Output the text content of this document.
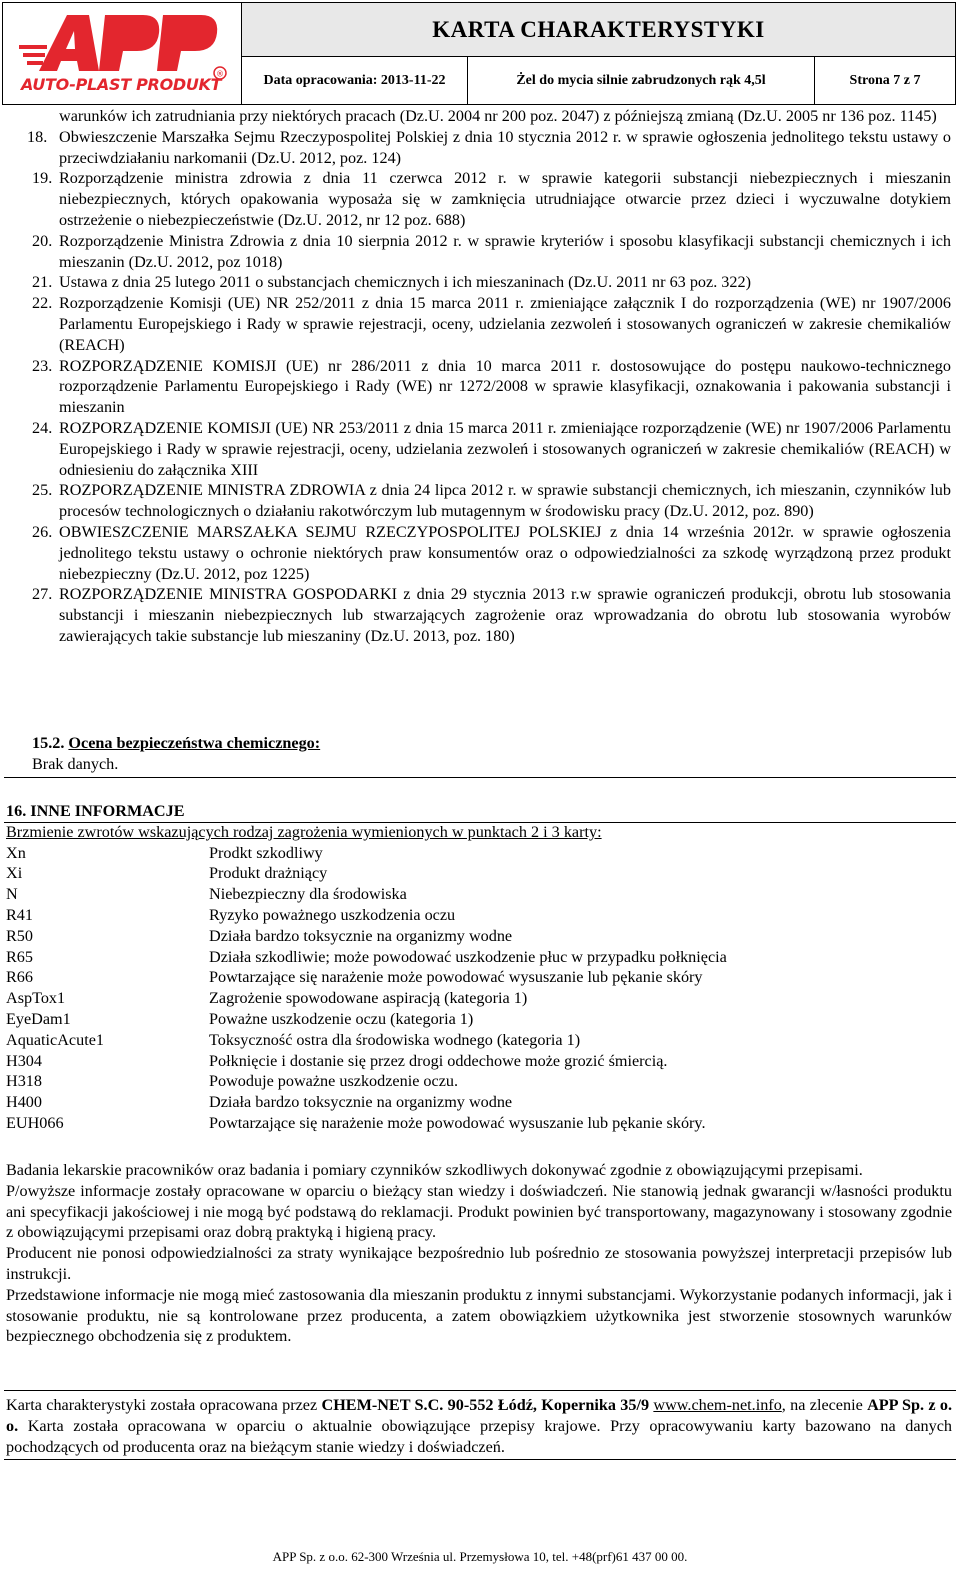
®
AUTO-PLAST PRODUKT
KARTA CHARAKTERYSTYKI
Data opracowania: 2013-11-22	Żel do mycia silnie zabrudzonych rąk 4,5l	Strona 7 z 7
warunków ich zatrudniania przy niektórych pracach (Dz.U. 2004 nr 200 poz. 2047) z późniejszą zmianą (Dz.U. 2005 nr 136 poz. 1145)
18. Obwieszczenie Marszałka Sejmu Rzeczypospolitej Polskiej z dnia 10 stycznia 2012 r. w sprawie ogłoszenia jednolitego tekstu ustawy o przeciwdziałaniu narkomanii (Dz.U. 2012, poz. 124)
19. Rozporządzenie ministra zdrowia z dnia 11 czerwca 2012 r. w sprawie kategorii substancji niebezpiecznych i mieszanin niebezpiecznych, których opakowania wyposaża się w zamknięcia utrudniające otwarcie przez dzieci i wyczuwalne dotykiem ostrzeżenie o niebezpieczeństwie (Dz.U. 2012, nr 12 poz. 688)
20. Rozporządzenie Ministra Zdrowia z dnia 10 sierpnia 2012 r. w sprawie kryteriów i sposobu klasyfikacji substancji chemicznych i ich mieszanin (Dz.U. 2012, poz 1018)
21. Ustawa z dnia 25 lutego 2011 o substancjach chemicznych i ich mieszaninach (Dz.U. 2011 nr 63 poz. 322)
22. Rozporządzenie Komisji (UE) NR 252/2011 z dnia 15 marca 2011 r. zmieniające załącznik I do rozporządzenia (WE) nr 1907/2006 Parlamentu Europejskiego i Rady w sprawie rejestracji, oceny, udzielania zezwoleń i stosowanych ograniczeń w zakresie chemikaliów (REACH)
23. ROZPORZĄDZENIE KOMISJI (UE) nr 286/2011 z dnia 10 marca 2011 r. dostosowujące do postępu naukowo-technicznego rozporządzenie Parlamentu Europejskiego i Rady (WE) nr 1272/2008 w sprawie klasyfikacji, oznakowania i pakowania substancji i mieszanin
24. ROZPORZĄDZENIE KOMISJI (UE) NR 253/2011 z dnia 15 marca 2011 r. zmieniające rozporządzenie (WE) nr 1907/2006 Parlamentu Europejskiego i Rady w sprawie rejestracji, oceny, udzielania zezwoleń i stosowanych ograniczeń w zakresie chemikaliów (REACH) w odniesieniu do załącznika XIII
25. ROZPORZĄDZENIE MINISTRA ZDROWIA z dnia 24 lipca 2012 r. w sprawie substancji chemicznych, ich mieszanin, czynników lub procesów technologicznych o działaniu rakotwórczym lub mutagennym w środowisku pracy (Dz.U. 2012, poz. 890)
26. OBWIESZCZENIE MARSZAŁKA SEJMU RZECZYPOSPOLITEJ POLSKIEJ z dnia 14 września 2012r. w sprawie ogłoszenia jednolitego tekstu ustawy o ochronie niektórych praw konsumentów oraz o odpowiedzialności za szkodę wyrządzoną przez produkt niebezpieczny (Dz.U. 2012, poz 1225)
27. ROZPORZĄDZENIE MINISTRA GOSPODARKI z dnia 29 stycznia 2013 r.w sprawie ograniczeń produkcji, obrotu lub stosowania substancji i mieszanin niebezpiecznych lub stwarzających zagrożenie oraz wprowadzania do obrotu lub stosowania wyrobów zawierających takie substancje lub mieszaniny (Dz.U. 2013, poz. 180)
15.2. Ocena bezpieczeństwa chemicznego:
Brak danych.
16. INNE INFORMACJE
Brzmienie zwrotów wskazujących rodzaj zagrożenia wymienionych w punktach 2 i 3 karty:
Xn	Prodkt szkodliwy
Xi	Produkt drażniący
N	Niebezpieczny dla środowiska
R41	Ryzyko poważnego uszkodzenia oczu
R50	Działa bardzo toksycznie na organizmy wodne
R65	Działa szkodliwie; może powodować uszkodzenie płuc w przypadku połknięcia
R66	Powtarzające się narażenie może powodować wysuszanie lub pękanie skóry
AspTox1	Zagrożenie spowodowane aspiracją (kategoria 1)
EyeDam1	Poważne uszkodzenie oczu (kategoria 1)
AquaticAcute1	Toksyczność ostra dla środowiska wodnego (kategoria 1)
H304	Połknięcie i dostanie się przez drogi oddechowe może grozić śmiercią.
H318	Powoduje poważne uszkodzenie oczu.
H400	Działa bardzo toksycznie na organizmy wodne
EUH066	Powtarzające się narażenie może powodować wysuszanie lub pękanie skóry.

Badania lekarskie pracowników oraz badania i pomiary czynników szkodliwych dokonywać zgodnie z obowiązującymi przepisami.

P/owyższe informacje zostały opracowane w oparciu o bieżący stan wiedzy i doświadczeń. Nie stanowią jednak gwarancji w/łasności produktu ani specyfikacji jakościowej i nie mogą być podstawą do reklamacji. Produkt powinien być transportowany, magazynowany i stosowany zgodnie z obowiązującymi przepisami oraz dobrą praktyką i higieną pracy.

Producent nie ponosi odpowiedzialności za straty wynikające bezpośrednio lub pośrednio ze stosowania powyższej interpretacji przepisów lub instrukcji.

Przedstawione informacje nie mogą mieć zastosowania dla mieszanin produktu z innymi substancjami. Wykorzystanie podanych informacji, jak i stosowanie produktu, nie są kontrolowane przez producenta, a zatem obowiązkiem użytkownika jest stworzenie stosownych warunków bezpiecznego obchodzenia się z produktem.

Karta charakterystyki została opracowana przez CHEM-NET S.C. 90-552 Łódź, Kopernika 35/9 www.chem-net.info, na zlecenie APP Sp. z o. o. Karta została opracowana w oparciu o aktualnie obowiązujące przepisy krajowe. Przy opracowywaniu karty bazowano na danych pochodzących od producenta oraz na bieżącym stanie wiedzy i doświadczeń.
APP Sp. z o.o. 62-300 Września ul. Przemysłowa 10, tel. +48(prf)61 437 00 00.
